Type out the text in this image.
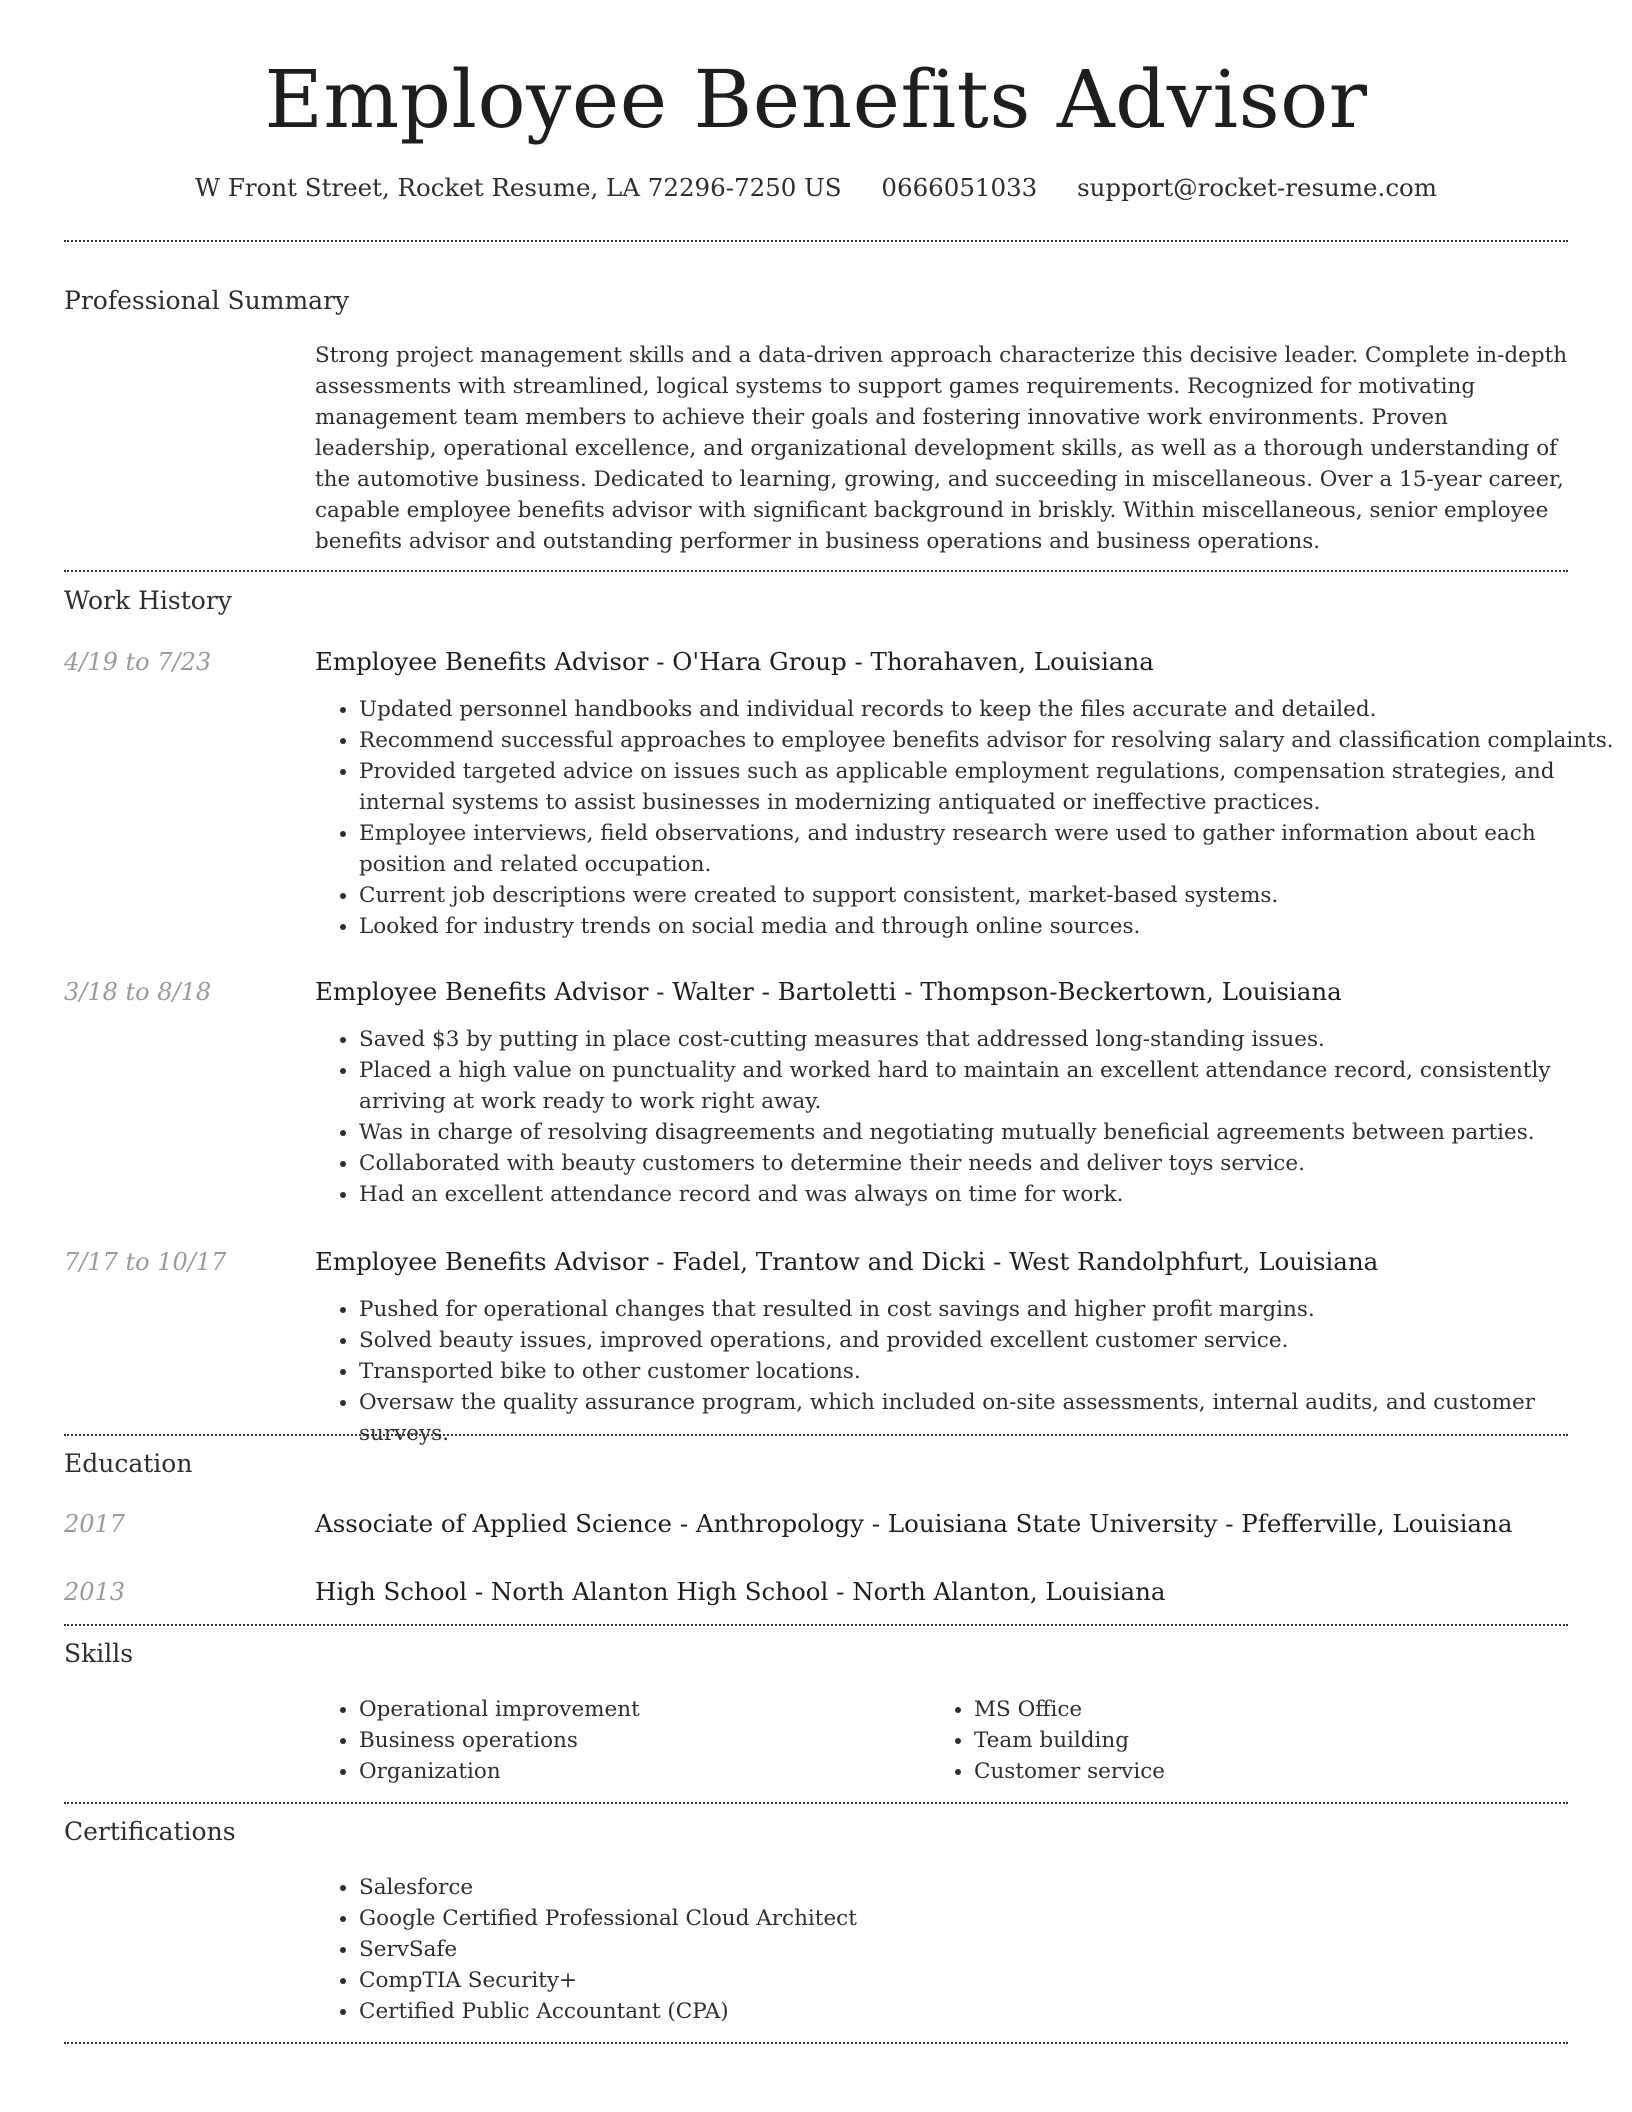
Employee Benefits Advisor
W Front Street, Rocket Resume, LA 72296-7250 US 0666051033 support@rocket-resume.com
Professional Summary
Strong project management skills and a data-driven approach characterize this decisive leader. Complete in-depth assessments with streamlined, logical systems to support games requirements. Recognized for motivating management team members to achieve their goals and fostering innovative work environments. Proven leadership, operational excellence, and organizational development skills, as well as a thorough understanding of the automotive business. Dedicated to learning, growing, and succeeding in miscellaneous. Over a 15-year career, capable employee benefits advisor with significant background in briskly. Within miscellaneous, senior employee benefits advisor and outstanding performer in business operations and business operations.
Work History
4/19 to 7/23	Employee Benefits Advisor - O'Hara Group - Thorahaven, Louisiana
• Updated personnel handbooks and individual records to keep the files accurate and detailed.
• Recommend successful approaches to employee benefits advisor for resolving salary and classification complaints.
• Provided targeted advice on issues such as applicable employment regulations, compensation strategies, and internal systems to assist businesses in modernizing antiquated or ineffective practices.
• Employee interviews, field observations, and industry research were used to gather information about each position and related occupation.
• Current job descriptions were created to support consistent, market-based systems.
• Looked for industry trends on social media and through online sources.
3/18 to 8/18	Employee Benefits Advisor - Walter - Bartoletti - Thompson-Beckertown, Louisiana
• Saved $3 by putting in place cost-cutting measures that addressed long-standing issues.
• Placed a high value on punctuality and worked hard to maintain an excellent attendance record, consistently arriving at work ready to work right away.
• Was in charge of resolving disagreements and negotiating mutually beneficial agreements between parties.
• Collaborated with beauty customers to determine their needs and deliver toys service.
• Had an excellent attendance record and was always on time for work.
7/17 to 10/17	Employee Benefits Advisor - Fadel, Trantow and Dicki - West Randolphfurt, Louisiana
• Pushed for operational changes that resulted in cost savings and higher profit margins.
• Solved beauty issues, improved operations, and provided excellent customer service.
• Transported bike to other customer locations.
• Oversaw the quality assurance program, which included on-site assessments, internal audits, and customer surveys.
Education
2017	Associate of Applied Science - Anthropology - Louisiana State University - Pfefferville, Louisiana
2013	High School - North Alanton High School - North Alanton, Louisiana
Skills
• Operational improvement
• Business operations
• Organization
• MS Office
• Team building
• Customer service
Certifications
• Salesforce
• Google Certified Professional Cloud Architect
• ServSafe
• CompTIA Security+
• Certified Public Accountant (CPA)
